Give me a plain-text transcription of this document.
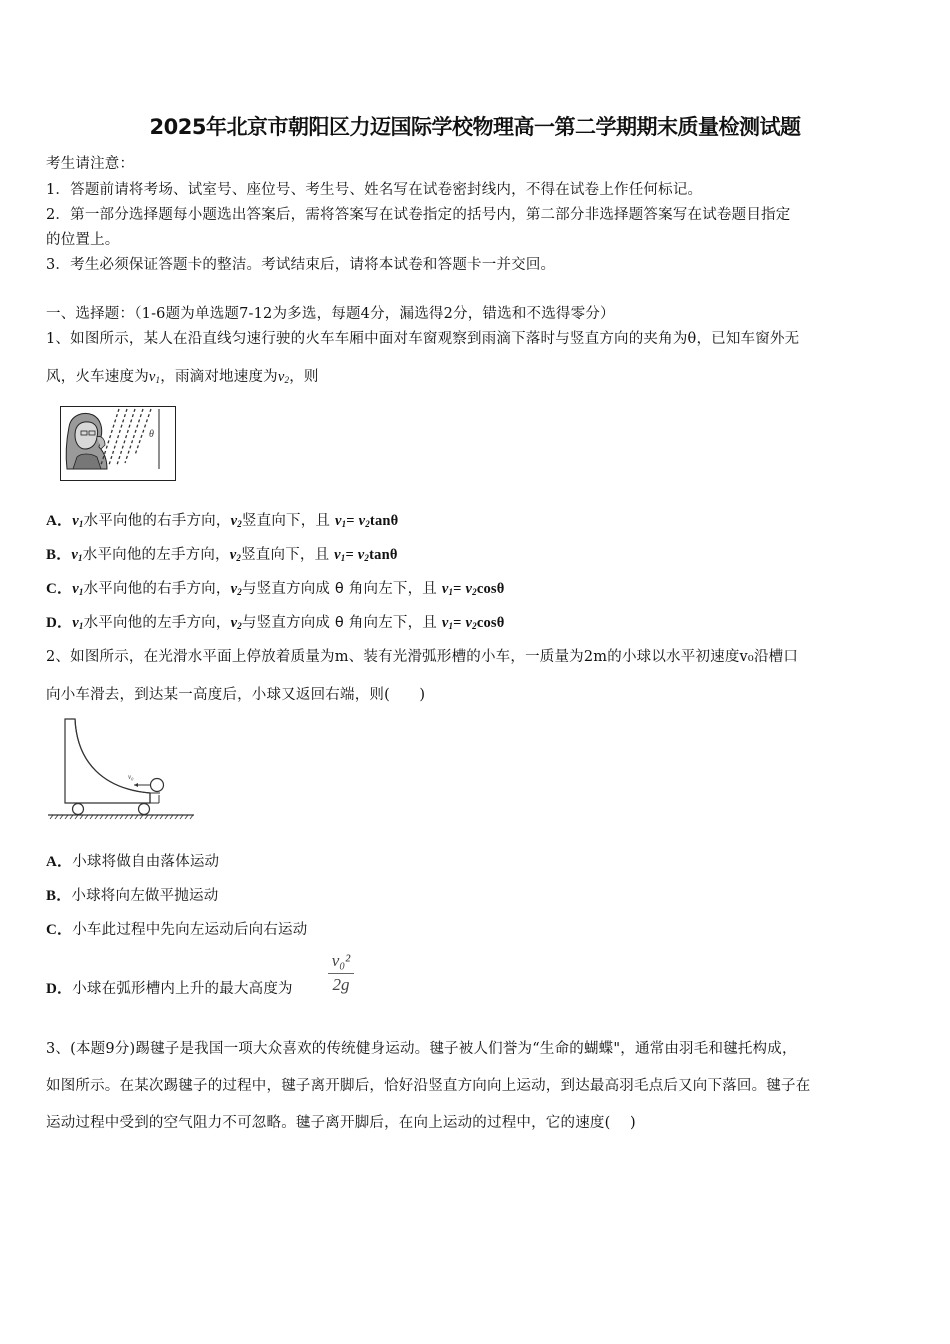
2025年北京市朝阳区力迈国际学校物理高一第二学期期末质量检测试题
考生请注意：
1．答题前请将考场、试室号、座位号、考生号、姓名写在试卷密封线内，不得在试卷上作任何标记。
2．第一部分选择题每小题选出答案后，需将答案写在试卷指定的括号内，第二部分非选择题答案写在试卷题目指定
的位置上。
3．考生必须保证答题卡的整洁。考试结束后，请将本试卷和答题卡一并交回。
一、选择题：（1-6题为单选题7-12为多选，每题4分，漏选得2分，错选和不选得零分）
1、如图所示，某人在沿直线匀速行驶的火车车厢中面对车窗观察到雨滴下落时与竖直方向的夹角为θ，已知车窗外无
风，火车速度为$v_1$，雨滴对地速度为$v_2$，则
θ
A．$v_1$水平向他的右手方向，$v_2$竖直向下，且 $v_1= v_2\tan\theta$
B．$v_1$水平向他的左手方向，$v_2$竖直向下，且 $v_1= v_2\tan\theta$
C．$v_1$水平向他的右手方向，$v_2$与竖直方向成 θ 角向左下，且 $v_1= v_2\cos\theta$
D．$v_1$水平向他的左手方向，$v_2$与竖直方向成 θ 角向左下，且 $v_1= v_2\cos\theta$
2、如图所示，在光滑水平面上停放着质量为m、装有光滑弧形槽的小车，一质量为2m的小球以水平初速度v₀沿槽口
向小车滑去，到达某一高度后，小球又返回右端，则(　　)
v₀
A．小球将做自由落体运动
B．小球将向左做平抛运动
C．小车此过程中先向左运动后向右运动
D．小球在弧形槽内上升的最大高度为 $\frac{\text{v₀²}}{2g}$
3、(本题9分)踢毽子是我国一项大众喜欢的传统健身运动。毽子被人们誉为“生命的蝴蝶"，通常由羽毛和毽托构成，
如图所示。在某次踢毽子的过程中，毽子离开脚后，恰好沿竖直方向向上运动，到达最高羽毛点后又向下落回。毽子在
运动过程中受到的空气阻力不可忽略。毽子离开脚后，在向上运动的过程中，它的速度(　 )
